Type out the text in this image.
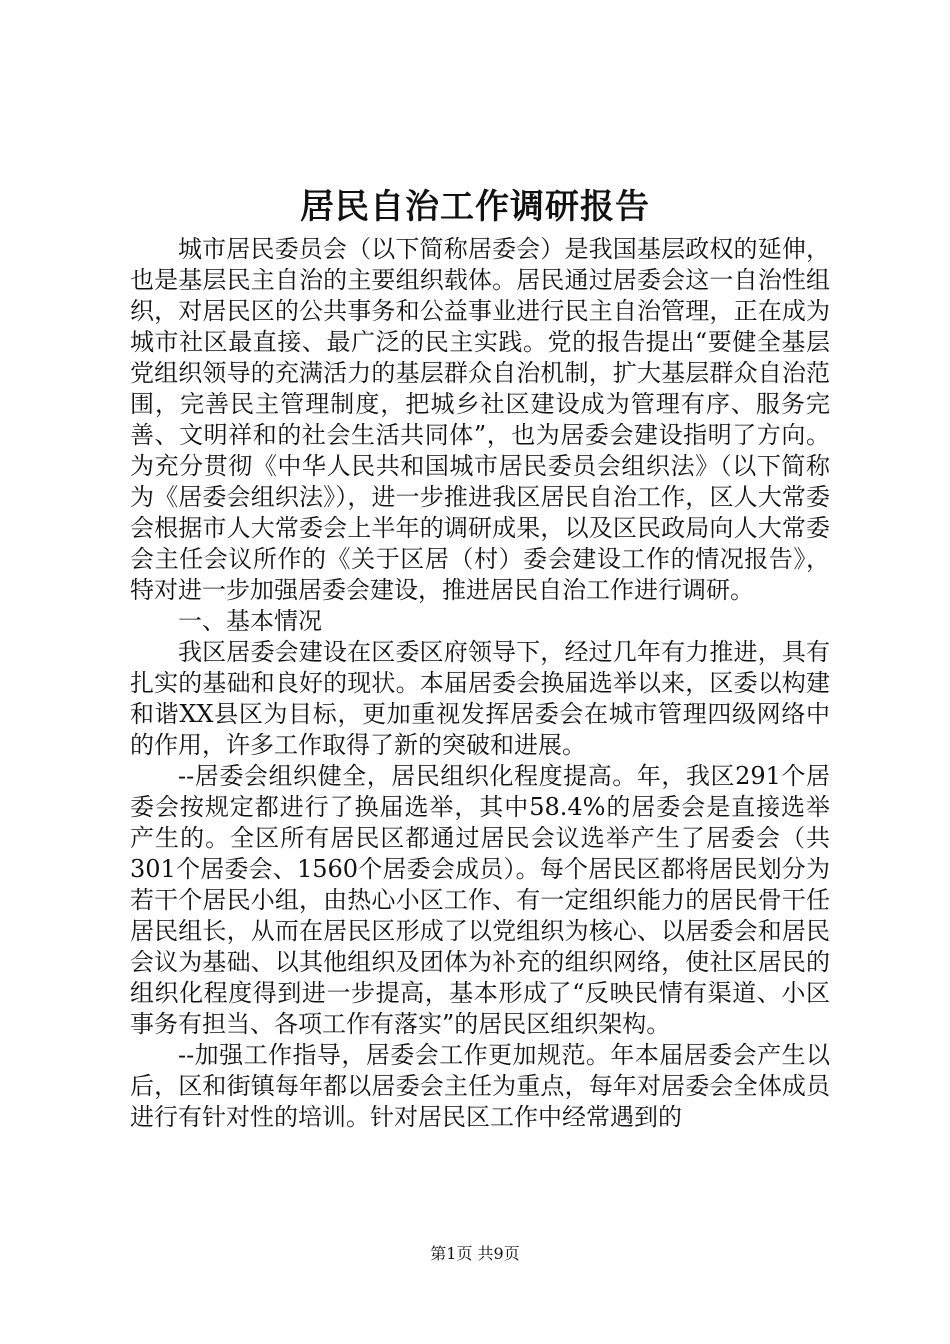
居民自治工作调研报告

城市居民委员会（以下简称居委会）是我国基层政权的延伸，也是基层民主自治的主要组织载体。居民通过居委会这一自治性组织，对居民区的公共事务和公益事业进行民主自治管理，正在成为城市社区最直接、最广泛的民主实践。党的报告提出“要健全基层党组织领导的充满活力的基层群众自治机制，扩大基层群众自治范围，完善民主管理制度，把城乡社区建设成为管理有序、服务完善、文明祥和的社会生活共同体”，也为居委会建设指明了方向。为充分贯彻《中华人民共和国城市居民委员会组织法》（以下简称为《居委会组织法》），进一步推进我区居民自治工作，区人大常委会根据市人大常委会上半年的调研成果，以及区民政局向人大常委会主任会议所作的《关于区居（村）委会建设工作的情况报告》，特对进一步加强居委会建设，推进居民自治工作进行调研。

一、基本情况

我区居委会建设在区委区府领导下，经过几年有力推进，具有扎实的基础和良好的现状。本届居委会换届选举以来，区委以构建和谐XX县区为目标，更加重视发挥居委会在城市管理四级网络中的作用，许多工作取得了新的突破和进展。

--居委会组织健全，居民组织化程度提高。年，我区291个居委会按规定都进行了换届选举，其中58.4%的居委会是直接选举产生的。全区所有居民区都通过居民会议选举产生了居委会（共301个居委会、1560个居委会成员）。每个居民区都将居民划分为若干个居民小组，由热心小区工作、有一定组织能力的居民骨干任居民组长，从而在居民区形成了以党组织为核心、以居委会和居民会议为基础、以其他组织及团体为补充的组织网络，使社区居民的组织化程度得到进一步提高，基本形成了“反映民情有渠道、小区事务有担当、各项工作有落实”的居民区组织架构。

--加强工作指导，居委会工作更加规范。年本届居委会产生以后，区和街镇每年都以居委会主任为重点，每年对居委会全体成员进行有针对性的培训。针对居民区工作中经常遇到的

第1页 共9页
